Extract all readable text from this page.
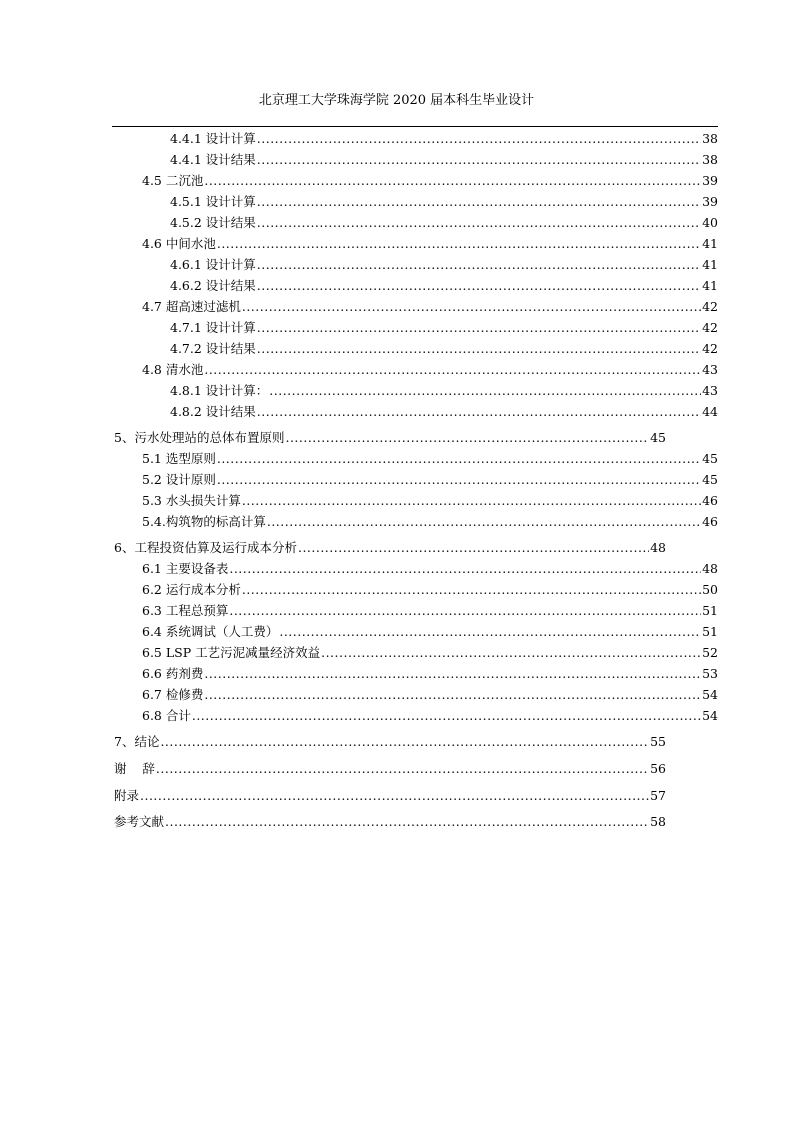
北京理工大学珠海学院 2020 届本科生毕业设计
4.4.1 设计计算 .....	38
4.4.1 设计结果 .....	38
4.5 二沉池 .....	39
4.5.1 设计计算 .....	39
4.5.2 设计结果 .....	40
4.6 中间水池 .....	41
4.6.1 设计计算 .....	41
4.6.2 设计结果 .....	41
4.7 超高速过滤机 .....	42
4.7.1 设计计算 .....	42
4.7.2 设计结果 .....	42
4.8 清水池 .....	43
4.8.1 设计计算： .....	43
4.8.2 设计结果 .....	44
5、污水处理站的总体布置原则 .....	45
5.1 选型原则 .....	45
5.2 设计原则 .....	45
5.3 水头损失计算 .....	46
5.4.构筑物的标高计算 .....	46
6、工程投资估算及运行成本分析 .....	48
6.1 主要设备表 .....	48
6.2 运行成本分析 .....	50
6.3 工程总预算 .....	51
6.4 系统调试（人工费） .....	51
6.5 LSP 工艺污泥减量经济效益 .....	52
6.6 药剂费 .....	53
6.7 检修费 .....	54
6.8 合计 .....	54
7、结论 .....	55
谢    辞 .....	56
附录 .....	57
参考文献 .....	58
